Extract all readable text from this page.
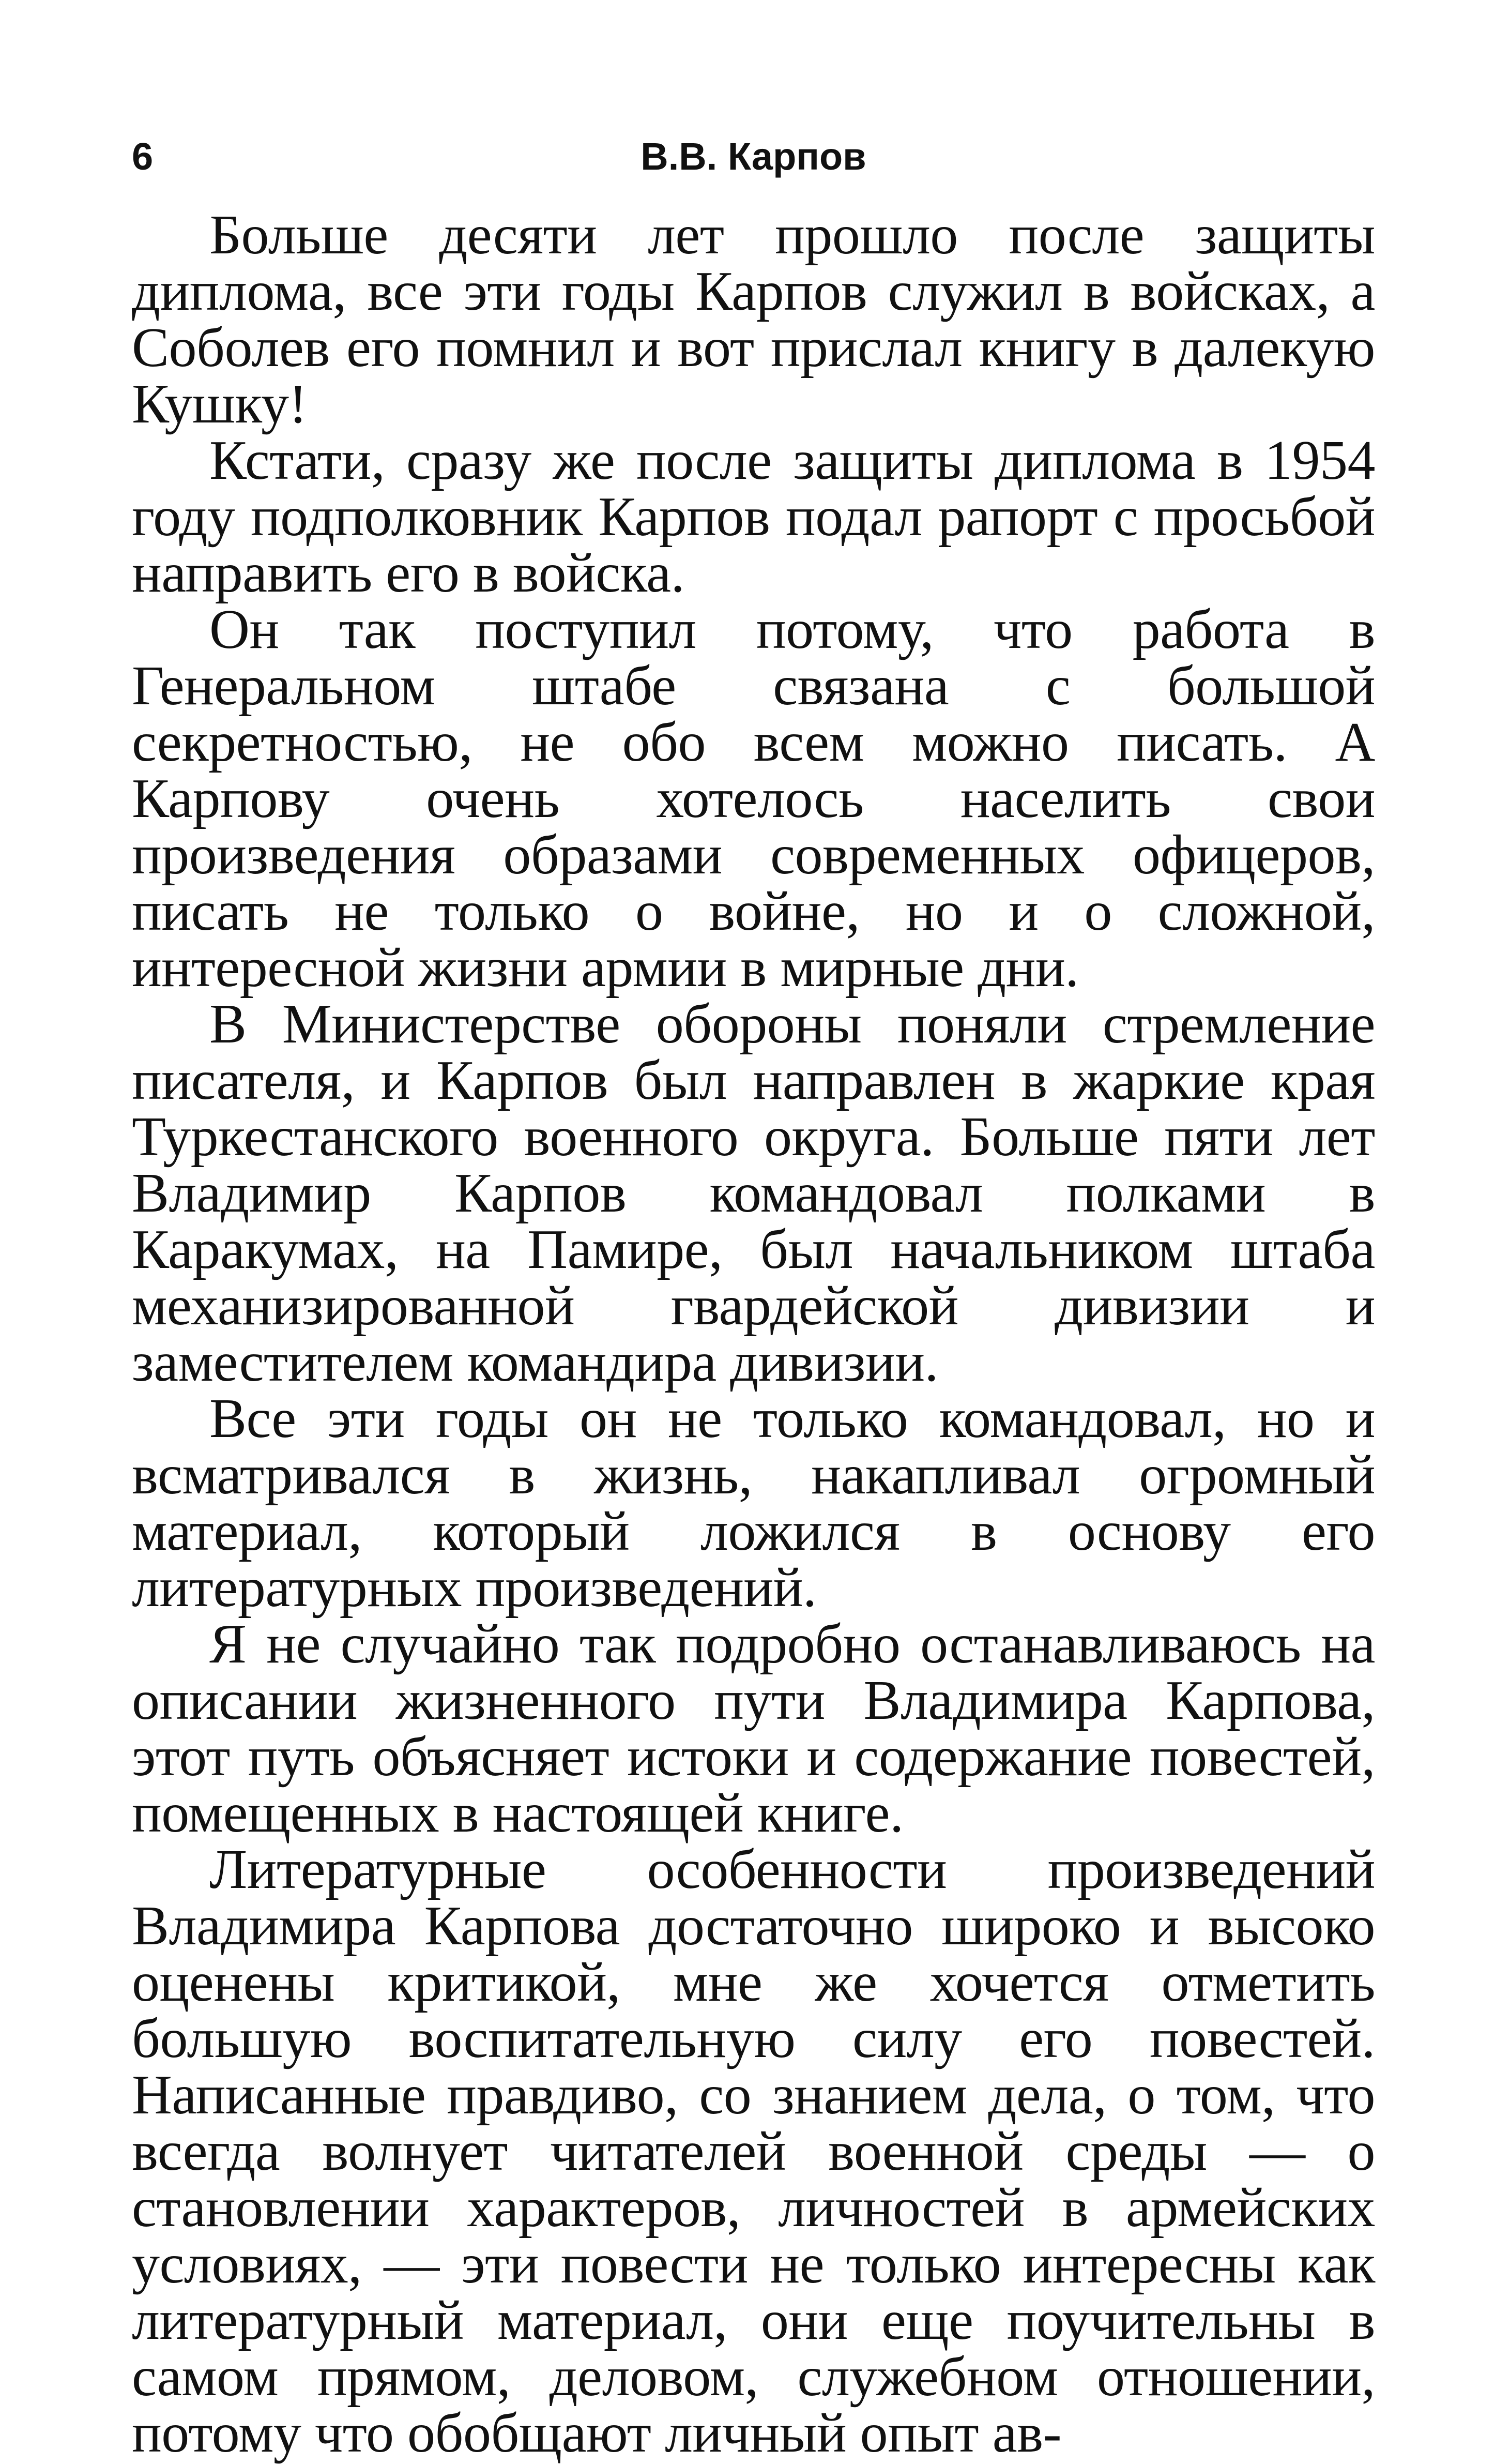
6	В.В. Карпов

Больше десяти лет прошло после защиты диплома, все эти годы Карпов служил в войсках, а Соболев его помнил и вот прислал книгу в далекую Кушку!

Кстати, сразу же после защиты диплома в 1954 году подполковник Карпов подал рапорт с просьбой направить его в войска.

Он так поступил потому, что работа в Генеральном штабе связана с большой секретностью, не обо всем можно писать. А Карпову очень хотелось населить свои произведения образами современных офицеров, писать не только о войне, но и о сложной, интересной жизни армии в мирные дни.

В Министерстве обороны поняли стремление писателя, и Карпов был направлен в жаркие края Туркестанского военного округа. Больше пяти лет Владимир Карпов командовал полками в Каракумах, на Памире, был начальником штаба механизированной гвардейской дивизии и заместителем командира дивизии.

Все эти годы он не только командовал, но и всматривался в жизнь, накапливал огромный материал, который ложился в основу его литературных произведений.

Я не случайно так подробно останавливаюсь на описании жизненного пути Владимира Карпова, этот путь объясняет истоки и содержание повестей, помещенных в настоящей книге.

Литературные особенности произведений Владимира Карпова достаточно широко и высоко оценены критикой, мне же хочется отметить большую воспитательную силу его повестей. Написанные правдиво, со знанием дела, о том, что всегда волнует читателей военной среды — о становлении характеров, личностей в армейских условиях, — эти повести не только интересны как литературный материал, они еще поучительны в самом прямом, деловом, служебном отношении, потому что обобщают личный опыт ав-
